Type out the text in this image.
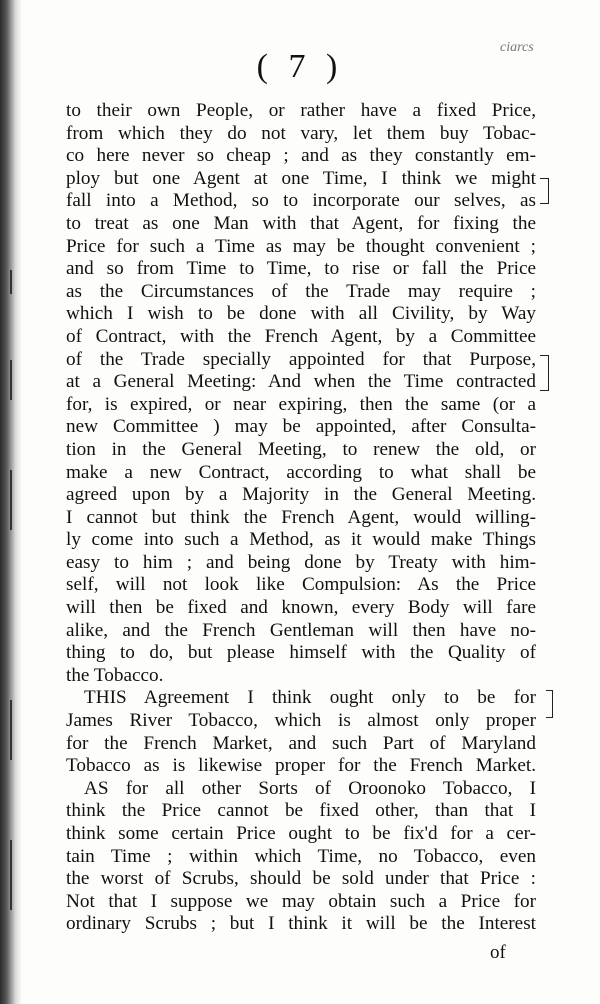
ciarcs
( 7 )
to their own People, or rather have a fixed Price,
from which they do not vary, let them buy Tobac-
co here never so cheap ; and as they constantly em-
ploy but one Agent at one Time, I think we might
fall into a Method, so to incorporate our selves, as
to treat as one Man with that Agent, for fixing the
Price for such a Time as may be thought convenient ;
and so from Time to Time, to rise or fall the Price
as the Circumstances of the Trade may require ;
which I wish to be done with all Civility, by Way
of Contract, with the French Agent, by a Committee
of the Trade specially appointed for that Purpose,
at a General Meeting: And when the Time contracted
for, is expired, or near expiring, then the same (or a
new Committee ) may be appointed, after Consulta-
tion in the General Meeting, to renew the old, or
make a new Contract, according to what shall be
agreed upon by a Majority in the General Meeting.
I cannot but think the French Agent, would willing-
ly come into such a Method, as it would make Things
easy to him ; and being done by Treaty with him-
self, will not look like Compulsion: As the Price
will then be fixed and known, every Body will fare
alike, and the French Gentleman will then have no-
thing to do, but please himself with the Quality of
the Tobacco.
THIS Agreement I think ought only to be for
James River Tobacco, which is almost only proper
for the French Market, and such Part of Maryland
Tobacco as is likewise proper for the French Market.
AS for all other Sorts of Oroonoko Tobacco, I
think the Price cannot be fixed other, than that I
think some certain Price ought to be fix'd for a cer-
tain Time ; within which Time, no Tobacco, even
the worst of Scrubs, should be sold under that Price :
Not that I suppose we may obtain such a Price for
ordinary Scrubs ; but I think it will be the Interest
of
